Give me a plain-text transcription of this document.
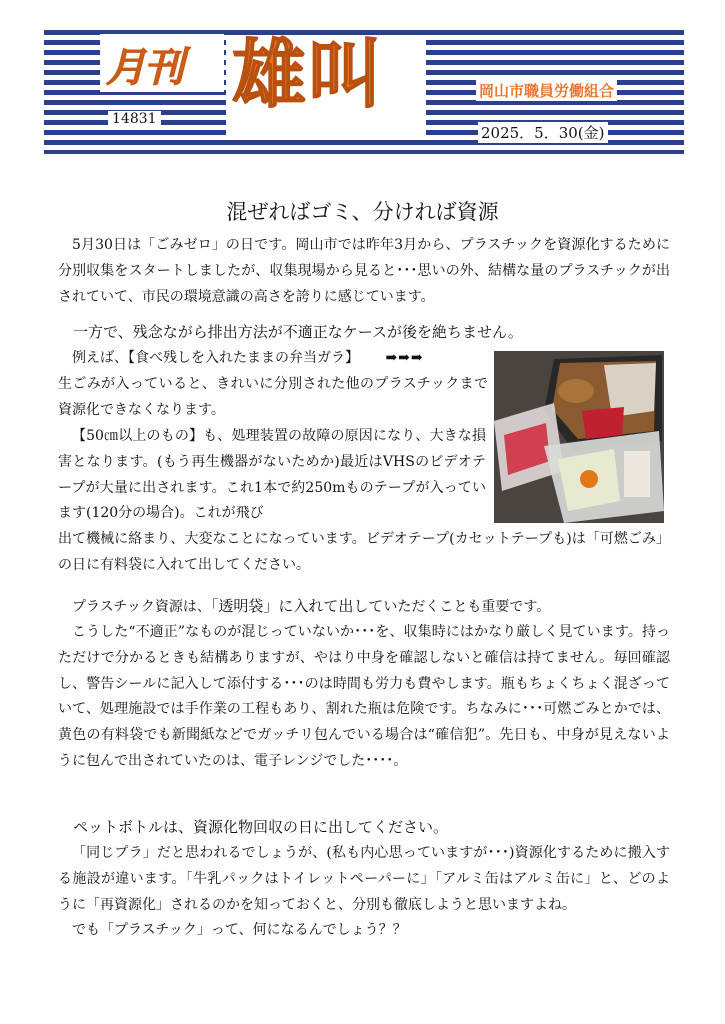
月刊 雄叫
14831
岡山市職員労働組合
2025．5．30(金)
混ぜればゴミ、分ければ資源

5月30日は「ごみゼロ」の日です。岡山市では昨年3月から、プラスチックを資源化するために分別収集をスタートしましたが、収集現場から見ると･･･思いの外、結構な量のプラスチックが出されていて、市民の環境意識の高さを誇りに感じています。

一方で、残念ながら排出方法が不適正なケースが後を絶ちません。

例えば、【食べ残しを入れたままの弁当ガラ】 ➡➡➡

生ごみが入っていると、きれいに分別された他のプラスチックまで資源化できなくなります。

【50㎝以上のもの】も、処理装置の故障の原因になり、大きな損害となります。(もう再生機器がないためか)最近はVHSのビデオテープが大量に出されます。これ1本で約250mものテープが入っています(120分の場合)。これが飛び

出て機械に絡まり、大変なことになっています。ビデオテープ(カセットテープも)は「可燃ごみ」の日に有料袋に入れて出してください。

プラスチック資源は、「透明袋」に入れて出していただくことも重要です。

こうした“不適正”なものが混じっていないか･･･を、収集時にはかなり厳しく見ています。持っただけで分かるときも結構ありますが、やはり中身を確認しないと確信は持てません。毎回確認し、警告シールに記入して添付する･･･のは時間も労力も費やします。瓶もちょくちょく混ざっていて、処理施設では手作業の工程もあり、割れた瓶は危険です。ちなみに･･･可燃ごみとかでは、黄色の有料袋でも新聞紙などでガッチリ包んでいる場合は“確信犯”。先日も、中身が見えないように包んで出されていたのは、電子レンジでした････。

ペットボトルは、資源化物回収の日に出してください。

「同じプラ」だと思われるでしょうが、(私も内心思っていますが･･･)資源化するために搬入する施設が違います。「牛乳パックはトイレットペーパーに」「アルミ缶はアルミ缶に」と、どのように「再資源化」されるのかを知っておくと、分別も徹底しようと思いますよね。

でも「プラスチック」って、何になるんでしょう？？
